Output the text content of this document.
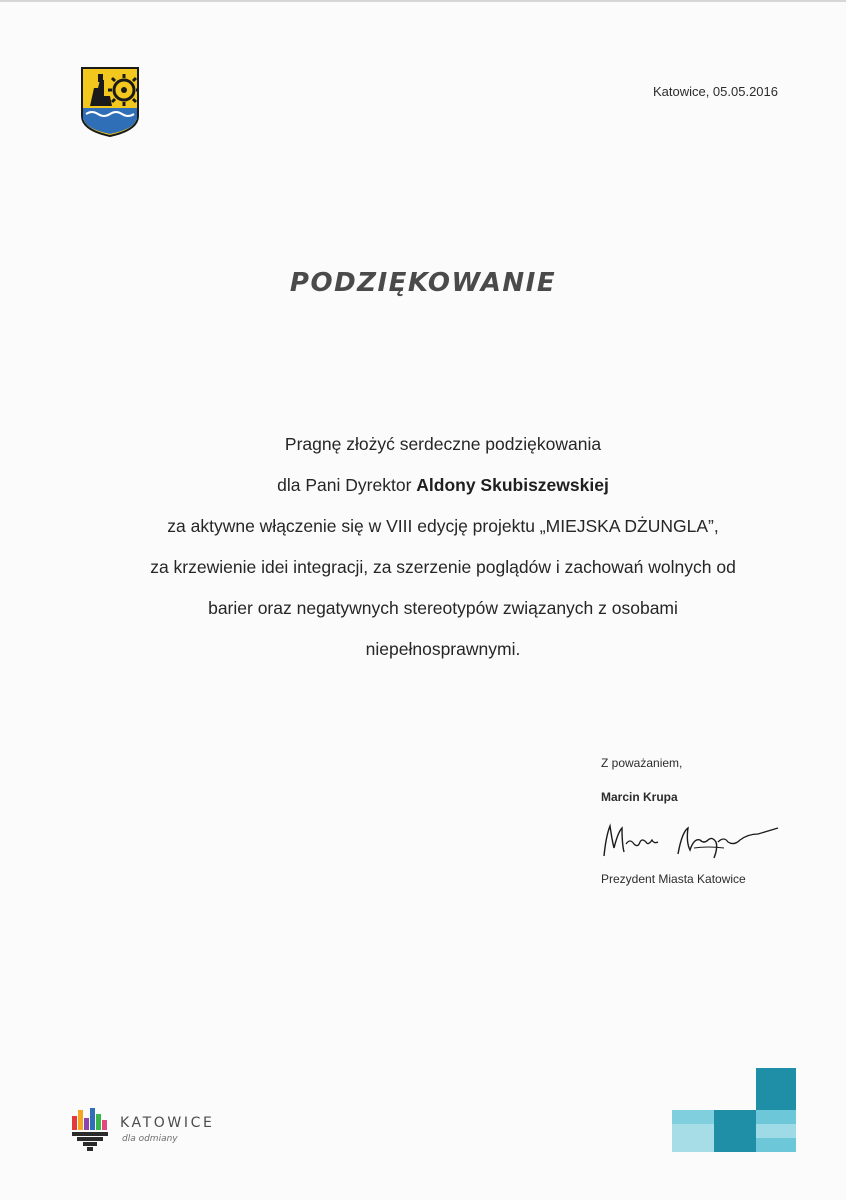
Katowice, 05.05.2016
PODZIĘKOWANIE
Pragnę złożyć serdeczne podziękowania
dla Pani Dyrektor Aldony Skubiszewskiej
za aktywne włączenie się w VIII edycję projektu „MIEJSKA DŻUNGLA”,
za krzewienie idei integracji, za szerzenie poglądów i zachowań wolnych od
barier oraz negatywnych stereotypów związanych z osobami
niepełnosprawnymi.
Z poważaniem,
Marcin Krupa
Prezydent Miasta Katowice
KATOWICE
dla odmiany
